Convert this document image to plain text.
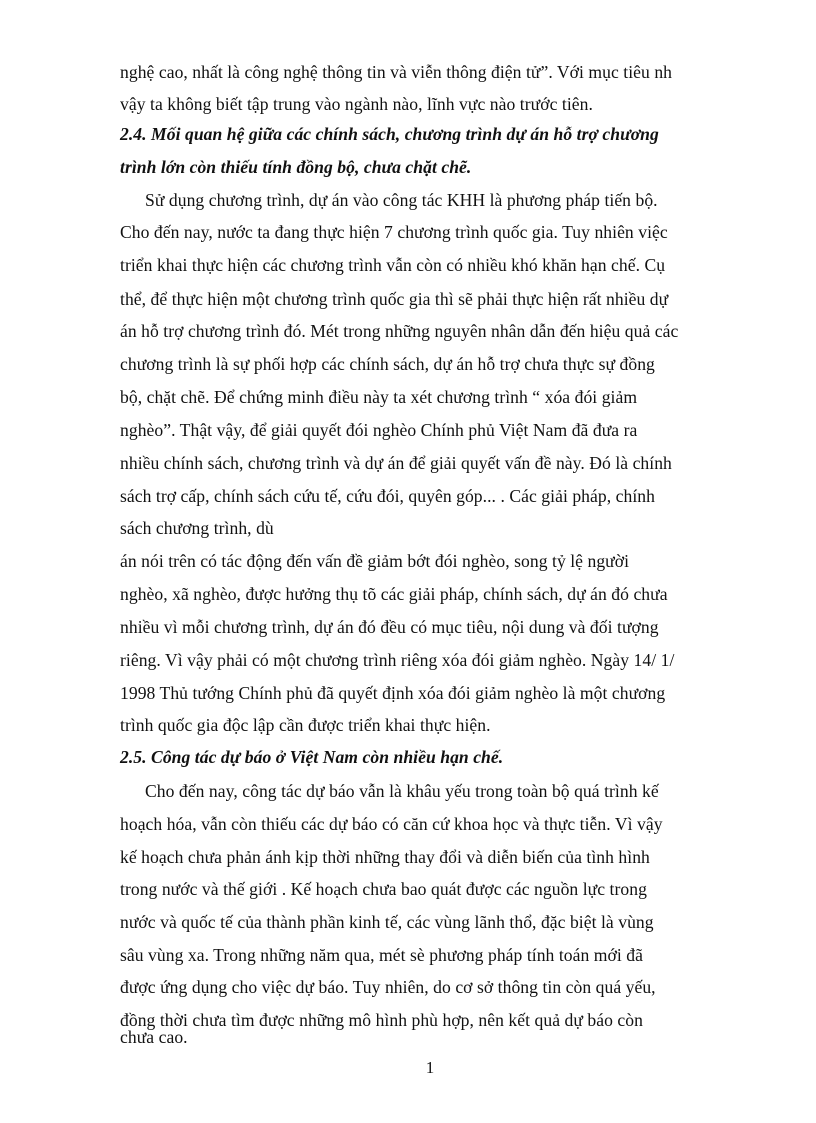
nghệ cao, nhất là công nghệ thông tin và viễn thông điện tử”. Với mục tiêu nh
vậy ta không biết tập trung vào ngành nào, lĩnh vực nào trước tiên.
2.4. Mối quan hệ giữa các chính sách, chương trình dự án hỗ trợ chương
trình lớn còn thiếu tính đồng bộ, chưa chặt chẽ.
Sử dụng chương trình, dự án vào công tác KHH là phương pháp tiến bộ.
Cho đến nay, nước ta đang thực hiện 7 chương trình quốc gia. Tuy nhiên việc
triển khai thực hiện các chương trình vẫn còn có nhiều khó khăn hạn chế. Cụ
thể, để thực hiện một chương trình quốc gia thì sẽ phải thực hiện rất nhiều dự
án hỗ trợ chương trình đó. Mét trong những nguyên nhân dẫn đến hiệu quả các
chương trình là sự phối hợp các chính sách, dự án hỗ trợ chưa thực sự đồng
bộ, chặt chẽ. Để chứng minh điều này ta xét chương trình “ xóa đói giảm
nghèo”. Thật vậy, để giải quyết đói nghèo Chính phủ Việt Nam đã đưa ra
nhiều chính sách, chương trình và dự án để giải quyết vấn đề này. Đó là chính
sách trợ cấp, chính sách cứu tế, cứu đói, quyên góp... . Các giải pháp, chính
sách chương trình, dù
án nói trên có tác động đến vấn đề giảm bớt đói nghèo, song tỷ lệ người
nghèo, xã nghèo, được hưởng thụ tõ các giải pháp, chính sách, dự án đó chưa
nhiều vì mỗi chương trình, dự án đó đều có mục tiêu, nội dung và đối tượng
riêng. Vì vậy phải có một chương trình riêng xóa đói giảm nghèo. Ngày 14/ 1/
1998 Thủ tướng Chính phủ đã quyết định xóa đói giảm nghèo là một chương
trình quốc gia độc lập cần được triển khai thực hiện.
2.5. Công tác dự báo ở Việt Nam còn nhiều hạn chế.
Cho đến nay, công tác dự báo vẫn là khâu yếu trong toàn bộ quá trình kế
hoạch hóa, vẫn còn thiếu các dự báo có căn cứ khoa học và thực tiễn. Vì vậy
kế hoạch chưa phản ánh kịp thời những thay đổi và diễn biến của tình hình
trong nước và thế giới . Kế hoạch chưa bao quát được các nguồn lực trong
nước và quốc tế của thành phần kinh tế, các vùng lãnh thổ, đặc biệt là vùng
sâu vùng xa. Trong những năm qua, mét sè phương pháp tính toán mới đã
được ứng dụng cho việc dự báo. Tuy nhiên, do cơ sở thông tin còn quá yếu,
đồng thời chưa tìm được những mô hình phù hợp, nên kết quả dự báo còn
chưa cao.
1
